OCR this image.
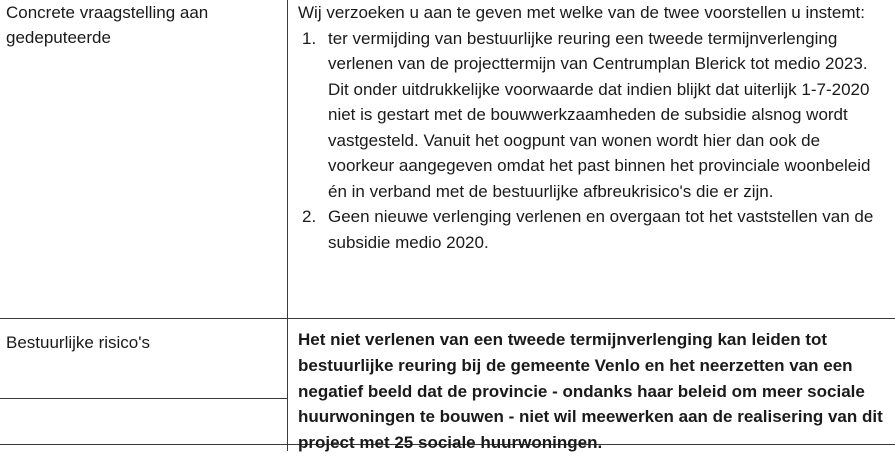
Concrete vraagstelling aan gedeputeerde

Wij verzoeken u aan te geven met welke van de twee voorstellen u instemt:

1. ter vermijding van bestuurlijke reuring een tweede termijnverlenging verlenen van de projecttermijn van Centrumplan Blerick tot medio 2023. Dit onder uitdrukkelijke voorwaarde dat indien blijkt dat uiterlijk 1-7-2020 niet is gestart met de bouwwerkzaamheden de subsidie alsnog wordt vastgesteld. Vanuit het oogpunt van wonen wordt hier dan ook de voorkeur aangegeven omdat het past binnen het provinciale woonbeleid én in verband met de bestuurlijke afbreukrisico's die er zijn.
2. Geen nieuwe verlenging verlenen en overgaan tot het vaststellen van de subsidie medio 2020.
Bestuurlijke risico's	Het niet verlenen van een tweede termijnverlenging kan leiden tot bestuurlijke reuring bij de gemeente Venlo en het neerzetten van een negatief beeld dat de provincie - ondanks haar beleid om meer sociale huurwoningen te bouwen - niet wil meewerken aan de realisering van dit project met 25 sociale huurwoningen.
